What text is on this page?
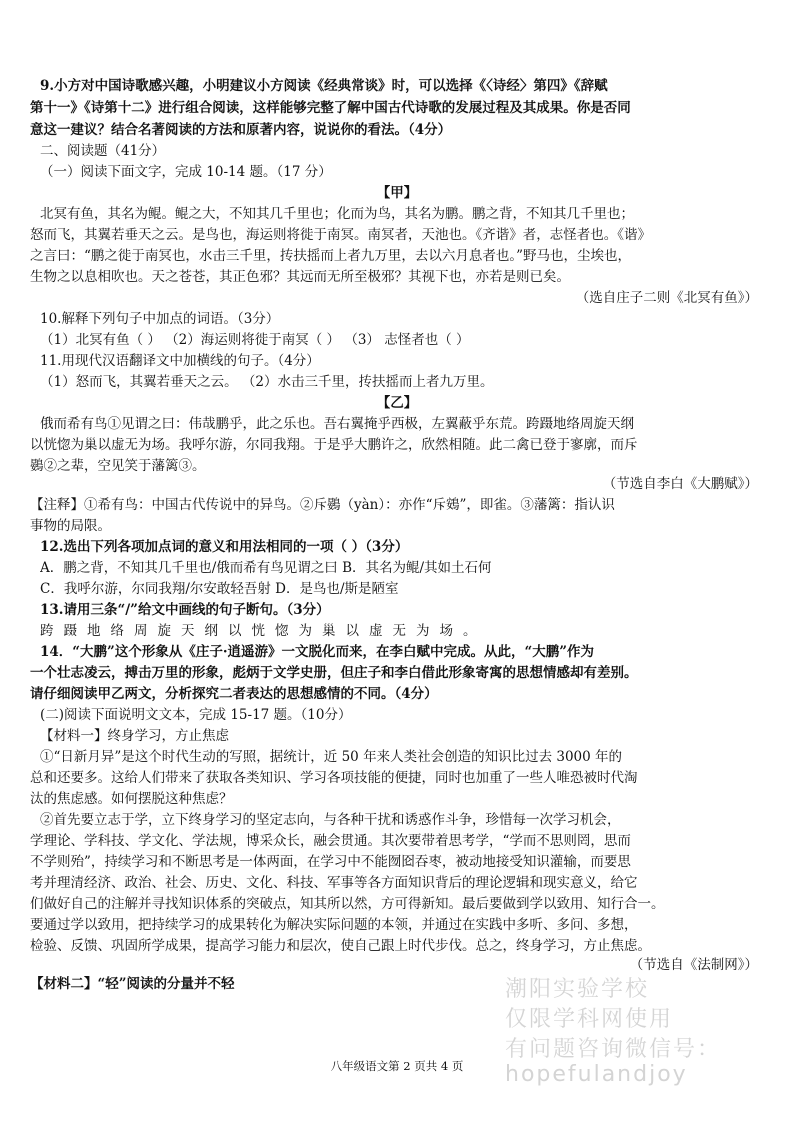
9.小方对中国诗歌感兴趣，小明建议小方阅读《经典常谈》时，可以选择《〈诗经〉第四》《辞赋
第十一》《诗第十二》进行组合阅读，这样能够完整了解中国古代诗歌的发展过程及其成果。你是否同
意这一建议？结合名著阅读的方法和原著内容，说说你的看法。（4分）
二、阅读题（41分）
（一）阅读下面文字，完成 10-14 题。（17 分）
【甲】
北冥有鱼，其名为鲲。鲲之大，不知其几千里也；化而为鸟，其名为鹏。鹏之背，不知其几千里也；
怒而飞，其翼若垂天之云。是鸟也，海运则将徙于南冥。南冥者，天池也。《齐谐》者，志怪者也。《谐》
之言曰：“鹏之徙于南冥也，水击三千里，抟扶摇而上者九万里，去以六月息者也。”野马也，尘埃也，
生物之以息相吹也。天之苍苍，其正色邪？其远而无所至极邪？其视下也，亦若是则已矣。
（选自庄子二则《北冥有鱼》）
10.解释下列句子中加点的词语。（3分）
（1）北冥有鱼（ ） （2）海运则将徙于南冥（ ） （3） 志怪者也（ ）
11.用现代汉语翻译文中加横线的句子。（4分）
（1）怒而飞，其翼若垂天之云。 （2）水击三千里，抟扶摇而上者九万里。
【乙】
俄而希有鸟①见谓之曰：伟哉鹏乎，此之乐也。吾右翼掩乎西极，左翼蔽乎东荒。跨蹑地络周旋天纲
以恍惚为巢以虚无为场。我呼尔游，尔同我翔。于是乎大鹏许之，欣然相随。此二禽已登于寥廓，而斥
鷃②之辈，空见笑于藩篱③。
（节选自李白《大鹏赋》）
【注释】①希有鸟：中国古代传说中的异鸟。②斥鷃（yàn）：亦作“斥鴳”，即雀。③藩篱：指认识
事物的局限。
12.选出下列各项加点词的意义和用法相同的一项（ ）（3分）
A．鹏之背，不知其几千里也/俄而希有鸟见谓之曰 B．其名为鲲/其如土石何
C．我呼尔游，尔同我翔/尔安敢轻吾射 D．是鸟也/斯是陋室
13.请用三条“/”给文中画线的句子断句。（3分）
跨蹑地络周旋天纲以恍惚为巢以虚无为场。
14．“大鹏”这个形象从《庄子·逍遥游》一文脱化而来，在李白赋中完成。从此，“大鹏”作为
一个壮志凌云，搏击万里的形象，彪炳于文学史册，但庄子和李白借此形象寄寓的思想情感却有差别。
请仔细阅读甲乙两文，分析探究二者表达的思想感情的不同。（4分）
(二)阅读下面说明文文本，完成 15-17 题。（10分）
【材料一】终身学习，方止焦虑
①“日新月异”是这个时代生动的写照，据统计，近 50 年来人类社会创造的知识比过去 3000 年的
总和还要多。这给人们带来了获取各类知识、学习各项技能的便捷，同时也加重了一些人唯恐被时代淘
汰的焦虑感。如何摆脱这种焦虑？
②首先要立志于学，立下终身学习的坚定志向，与各种干扰和诱惑作斗争，珍惜每一次学习机会，
学理论、学科技、学文化、学法规，博采众长，融会贯通。其次要带着思考学，“学而不思则罔，思而
不学则殆”，持续学习和不断思考是一体两面，在学习中不能囫囵吞枣，被动地接受知识灌输，而要思
考并理清经济、政治、社会、历史、文化、科技、军事等各方面知识背后的理论逻辑和现实意义，给它
们做好自己的注解并寻找知识体系的突破点，知其所以然，方可得新知。最后要做到学以致用、知行合一。
要通过学以致用，把持续学习的成果转化为解决实际问题的本领，并通过在实践中多听、多问、多想，
检验、反馈、巩固所学成果，提高学习能力和层次，使自己跟上时代步伐。总之，终身学习，方止焦虑。
（节选自《法制网》）
【材料二】“轻”阅读的分量并不轻	潮阳实验学校
仅限学科网使用
有问题咨询微信号：
hopefulandjoy
八年级语文第 2 页共 4 页
